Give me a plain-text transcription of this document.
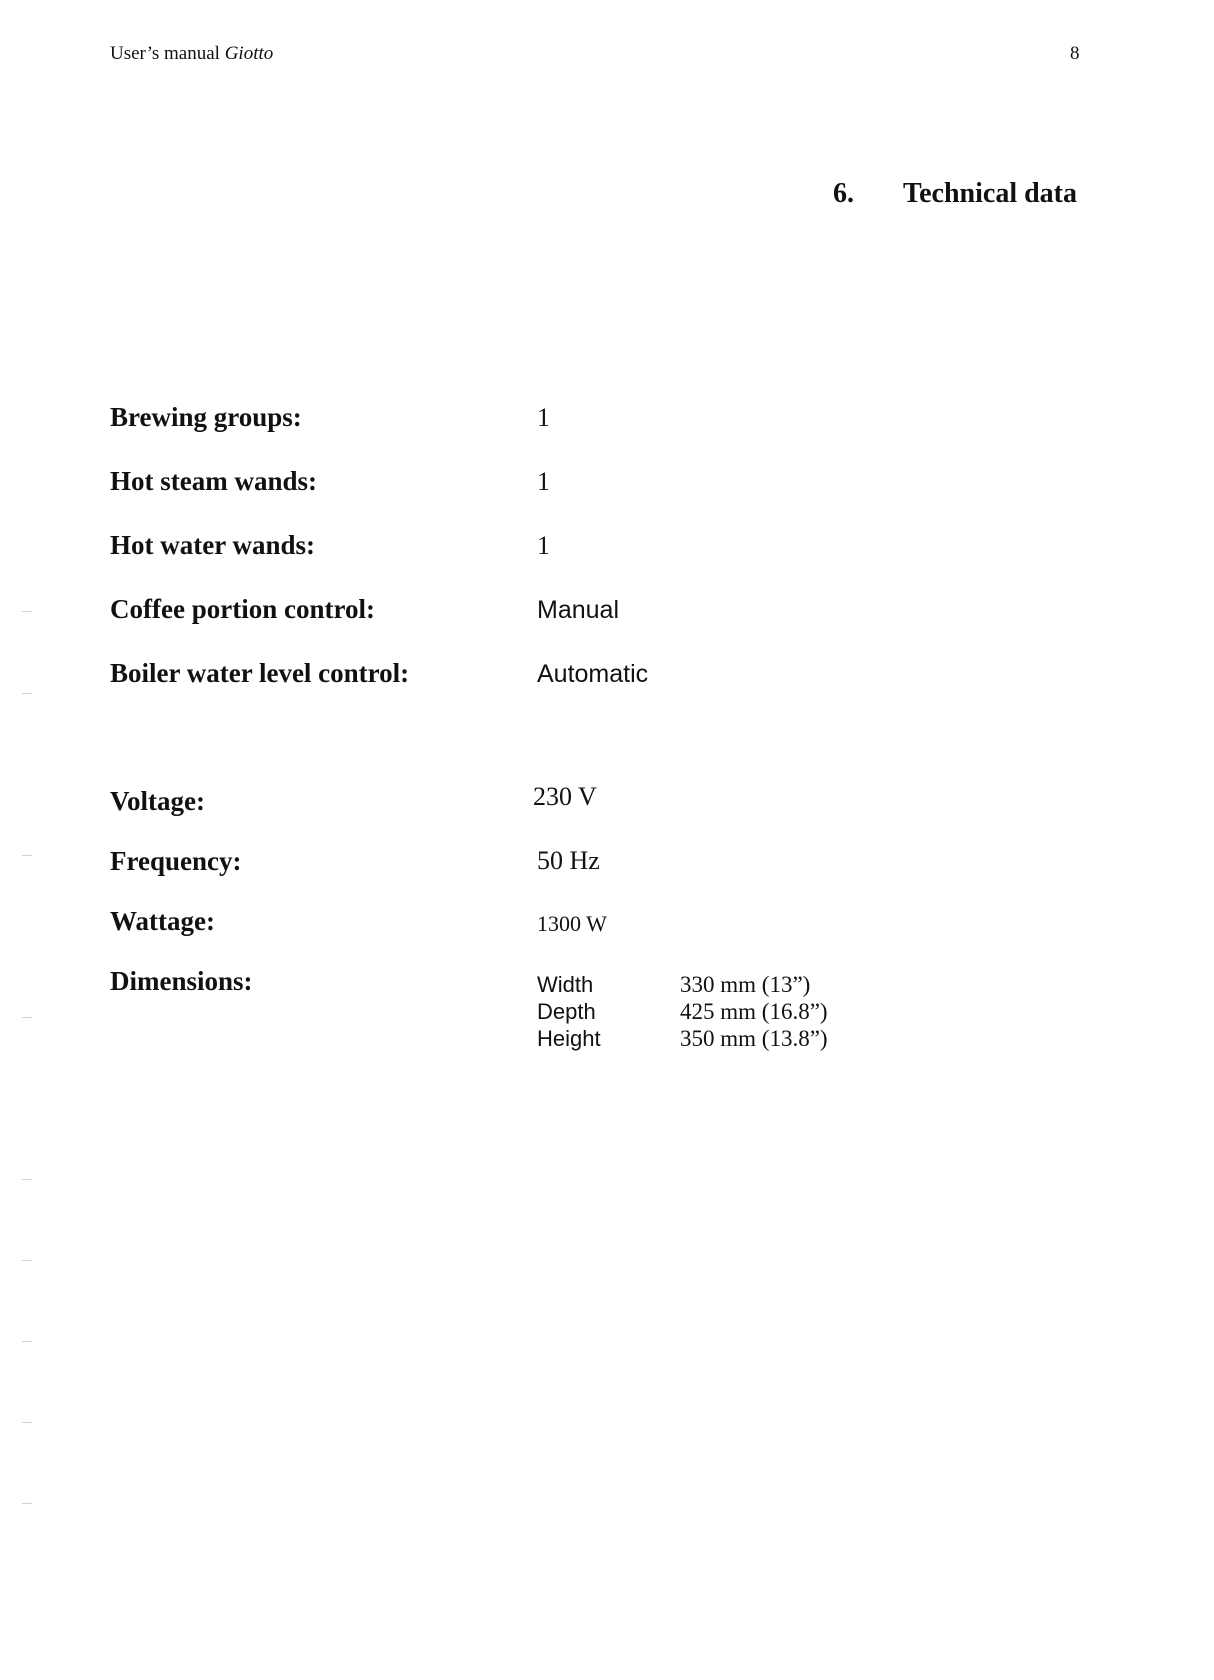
User’s manual Giotto	8
6. Technical data
Brewing groups:	1
Hot steam wands:	1
Hot water wands:	1
Coffee portion control:	Manual
Boiler water level control:	Automatic
Voltage:	230 V
Frequency:	50 Hz
Wattage:	1300 W
Dimensions:	Width	330 mm (13”)
Depth	425 mm (16.8”)
Height	350 mm (13.8”)
